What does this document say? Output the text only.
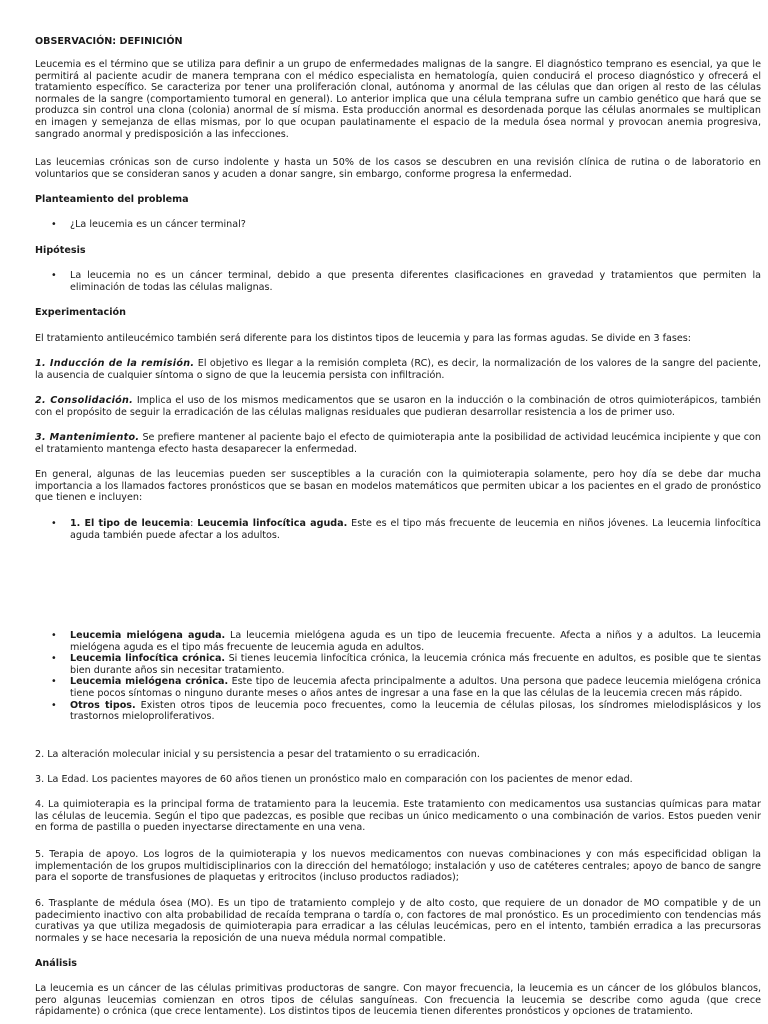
OBSERVACIÓN: DEFINICIÓN

Leucemia es el término que se utiliza para definir a un grupo de enfermedades malignas de la sangre. El diagnóstico temprano es esencial, ya que le permitirá al paciente acudir de manera temprana con el médico especialista en hematología, quien conducirá el proceso diagnóstico y ofrecerá el tratamiento específico. Se caracteriza por tener una proliferación clonal, autónoma y anormal de las células que dan origen al resto de las células normales de la sangre (comportamiento tumoral en general). Lo anterior implica que una célula temprana sufre un cambio genético que hará que se produzca sin control una clona (colonia) anormal de sí misma. Esta producción anormal es desordenada porque las células anormales se multiplican en imagen y semejanza de ellas mismas, por lo que ocupan paulatinamente el espacio de la medula ósea normal y provocan anemia progresiva, sangrado anormal y predisposición a las infecciones.

Las leucemias crónicas son de curso indolente y hasta un 50% de los casos se descubren en una revisión clínica de rutina o de laboratorio en voluntarios que se consideran sanos y acuden a donar sangre, sin embargo, conforme progresa la enfermedad.

Planteamiento del problema

• ¿La leucemia es un cáncer terminal?

Hipótesis

• La leucemia no es un cáncer terminal, debido a que presenta diferentes clasificaciones en gravedad y tratamientos que permiten la eliminación de todas las células malignas.

Experimentación

El tratamiento antileucémico también será diferente para los distintos tipos de leucemia y para las formas agudas. Se divide en 3 fases:

1. Inducción de la remisión. El objetivo es llegar a la remisión completa (RC), es decir, la normalización de los valores de la sangre del paciente, la ausencia de cualquier síntoma o signo de que la leucemia persista con infiltración.

2. Consolidación. Implica el uso de los mismos medicamentos que se usaron en la inducción o la combinación de otros quimioterápicos, también con el propósito de seguir la erradicación de las células malignas residuales que pudieran desarrollar resistencia a los de primer uso.

3. Mantenimiento. Se prefiere mantener al paciente bajo el efecto de quimioterapia ante la posibilidad de actividad leucémica incipiente y que con el tratamiento mantenga efecto hasta desaparecer la enfermedad.

En general, algunas de las leucemias pueden ser susceptibles a la curación con la quimioterapia solamente, pero hoy día se debe dar mucha importancia a los llamados factores pronósticos que se basan en modelos matemáticos que permiten ubicar a los pacientes en el grado de pronóstico que tienen e incluyen:

• 1. El tipo de leucemia: Leucemia linfocítica aguda. Este es el tipo más frecuente de leucemia en niños jóvenes. La leucemia linfocítica aguda también puede afectar a los adultos.
• Leucemia mielógena aguda. La leucemia mielógena aguda es un tipo de leucemia frecuente. Afecta a niños y a adultos. La leucemia mielógena aguda es el tipo más frecuente de leucemia aguda en adultos.
• Leucemia linfocítica crónica. Si tienes leucemia linfocítica crónica, la leucemia crónica más frecuente en adultos, es posible que te sientas bien durante años sin necesitar tratamiento.
• Leucemia mielógena crónica. Este tipo de leucemia afecta principalmente a adultos. Una persona que padece leucemia mielógena crónica tiene pocos síntomas o ninguno durante meses o años antes de ingresar a una fase en la que las células de la leucemia crecen más rápido.
• Otros tipos. Existen otros tipos de leucemia poco frecuentes, como la leucemia de células pilosas, los síndromes mielodisplásicos y los trastornos mieloproliferativos.

2. La alteración molecular inicial y su persistencia a pesar del tratamiento o su erradicación.

3. La Edad. Los pacientes mayores de 60 años tienen un pronóstico malo en comparación con los pacientes de menor edad.

4. La quimioterapia es la principal forma de tratamiento para la leucemia. Este tratamiento con medicamentos usa sustancias químicas para matar las células de leucemia. Según el tipo que padezcas, es posible que recibas un único medicamento o una combinación de varios. Estos pueden venir en forma de pastilla o pueden inyectarse directamente en una vena.

5. Terapia de apoyo. Los logros de la quimioterapia y los nuevos medicamentos con nuevas combinaciones y con más especificidad obligan la implementación de los grupos multidisciplinarios con la dirección del hematólogo; instalación y uso de catéteres centrales; apoyo de banco de sangre para el soporte de transfusiones de plaquetas y eritrocitos (incluso productos radiados);

6. Trasplante de médula ósea (MO). Es un tipo de tratamiento complejo y de alto costo, que requiere de un donador de MO compatible y de un padecimiento inactivo con alta probabilidad de recaída temprana o tardía o, con factores de mal pronóstico. Es un procedimiento con tendencias más curativas ya que utiliza megadosis de quimioterapia para erradicar a las células leucémicas, pero en el intento, también erradica a las precursoras normales y se hace necesaria la reposición de una nueva médula normal compatible.

Análisis

La leucemia es un cáncer de las células primitivas productoras de sangre. Con mayor frecuencia, la leucemia es un cáncer de los glóbulos blancos, pero algunas leucemias comienzan en otros tipos de células sanguíneas. Con frecuencia la leucemia se describe como aguda (que crece rápidamente) o crónica (que crece lentamente). Los distintos tipos de leucemia tienen diferentes pronósticos y opciones de tratamiento.
